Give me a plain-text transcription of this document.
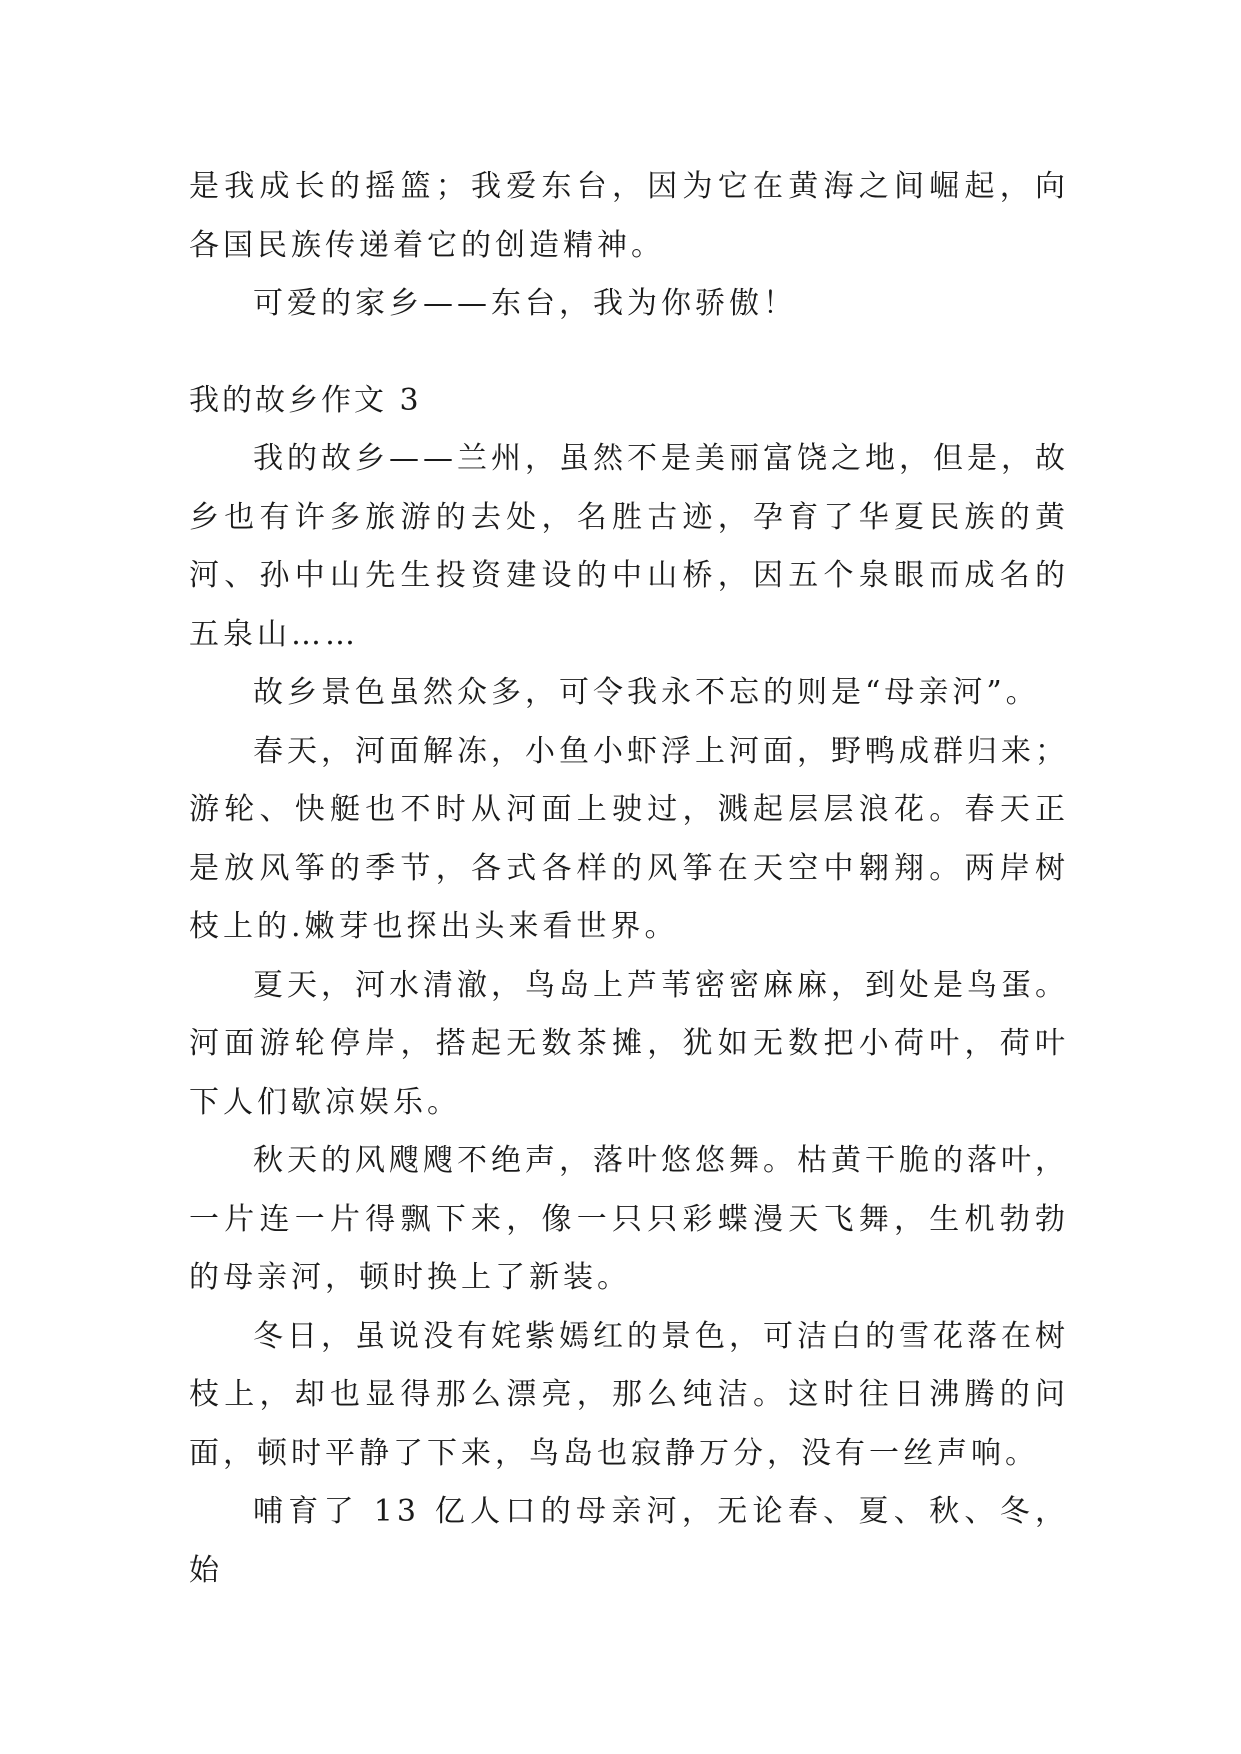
是我成长的摇篮；我爱东台，因为它在黄海之间崛起，向各国民族传递着它的创造精神。

可爱的家乡——东台，我为你骄傲！

我的故乡作文 3

我的故乡——兰州，虽然不是美丽富饶之地，但是，故乡也有许多旅游的去处，名胜古迹，孕育了华夏民族的黄河、孙中山先生投资建设的中山桥，因五个泉眼而成名的五泉山……

故乡景色虽然众多，可令我永不忘的则是“母亲河”。

春天，河面解冻，小鱼小虾浮上河面，野鸭成群归来；游轮、快艇也不时从河面上驶过，溅起层层浪花。春天正是放风筝的季节，各式各样的风筝在天空中翱翔。两岸树枝上的.嫩芽也探出头来看世界。

夏天，河水清澈，鸟岛上芦苇密密麻麻，到处是鸟蛋。河面游轮停岸，搭起无数茶摊，犹如无数把小荷叶，荷叶下人们歇凉娱乐。

秋天的风飕飕不绝声，落叶悠悠舞。枯黄干脆的落叶，一片连一片得飘下来，像一只只彩蝶漫天飞舞，生机勃勃的母亲河，顿时换上了新装。

冬日，虽说没有姹紫嫣红的景色，可洁白的雪花落在树枝上，却也显得那么漂亮，那么纯洁。这时往日沸腾的问面，顿时平静了下来，鸟岛也寂静万分，没有一丝声响。

哺育了 13 亿人口的母亲河，无论春、夏、秋、冬，始
